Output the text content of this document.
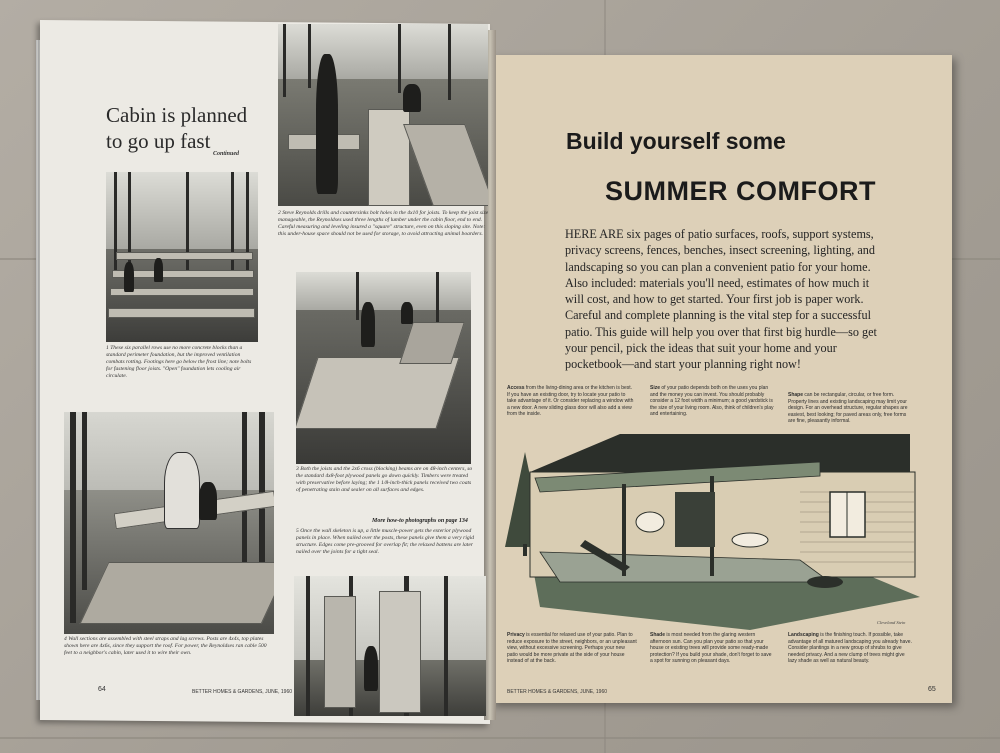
Cabin is planned
to go up fast
Continued
1 These six parallel rows use no more concrete blocks than a standard perimeter foundation, but the improved ventilation combats rotting. Footings here go below the frost line; note bolts for fastening floor joists. "Open" foundation lets cooling air circulate.
2 Steve Reynolds drills and countersinks bolt holes in the 4x10 for joists. To keep the joist size manageable, the Reynoldses used three lengths of lumber under the cabin floor, end to end. Careful measuring and leveling insured a "square" structure, even on this sloping site. Note: this under-house space should not be used for storage, to avoid attracting animal boarders.
3 Both the joists and the 2x6 cross (blocking) beams are on 48-inch centers, so the standard 4x8-foot plywood panels go down quickly. Timbers were treated with preservative before laying; the 1 1/8-inch-thick panels received two coats of penetrating stain and sealer on all surfaces and edges.
More how-to photographs on page 134
4 Wall sections are assembled with steel straps and lag screws. Posts are 4x4s, top plates shown here are 4x6s, since they support the roof. For power, the Reynoldses ran cable 500 feet to a neighbor's cabin, later used it to wire their own.
5 Once the wall skeleton is up, a little muscle-power gets the exterior plywood panels in place. When nailed over the posts, these panels give them a very rigid structure. Edges come pre-grooved for overlap fit; the relaxed battens are later nailed over the joints for a tight seal.
64	BETTER HOMES & GARDENS, JUNE, 1960
Build yourself some
SUMMER COMFORT
HERE ARE six pages of patio surfaces, roofs, support systems, privacy screens, fences, benches, insect screening, lighting, and landscaping so you can plan a convenient patio for your home. Also included: materials you'll need, estimates of how much it will cost, and how to get started. Your first job is paper work. Careful and complete planning is the vital step for a successful patio. This guide will help you over that first big hurdle—so get your pencil, pick the ideas that suit your home and your pocketbook—and start your planning right now!
Access from the living-dining area or the kitchen is best. If you have an existing door, try to locate your patio to take advantage of it. Or consider replacing a window with a new door. A new sliding glass door will also add a view from the inside.
Size of your patio depends both on the uses you plan and the money you can invest. You should probably consider a 12 foot width a minimum; a good yardstick is the size of your living room. Also, think of children's play and entertaining.
Shape can be rectangular, circular, or free form. Property lines and existing landscaping may limit your design. For an overhead structure, regular shapes are easiest, best looking; for paved areas only, free forms are fine, pleasantly informal.
Cleveland Stein
Privacy is essential for relaxed use of your patio. Plan to reduce exposure to the street, neighbors, or an unpleasant view, without excessive screening. Perhaps your new patio would be more private at the side of your house instead of at the back.
Shade is most needed from the glaring western afternoon sun. Can you plan your patio so that your house or existing trees will provide some ready-made protection? If you build your shade, don't forget to save a spot for sunning on pleasant days.
Landscaping is the finishing touch. If possible, take advantage of all matured landscaping you already have. Consider plantings in a new group of shrubs to give needed privacy. And a new clump of trees might give lazy shade as well as natural beauty.
BETTER HOMES & GARDENS, JUNE, 1960	65
